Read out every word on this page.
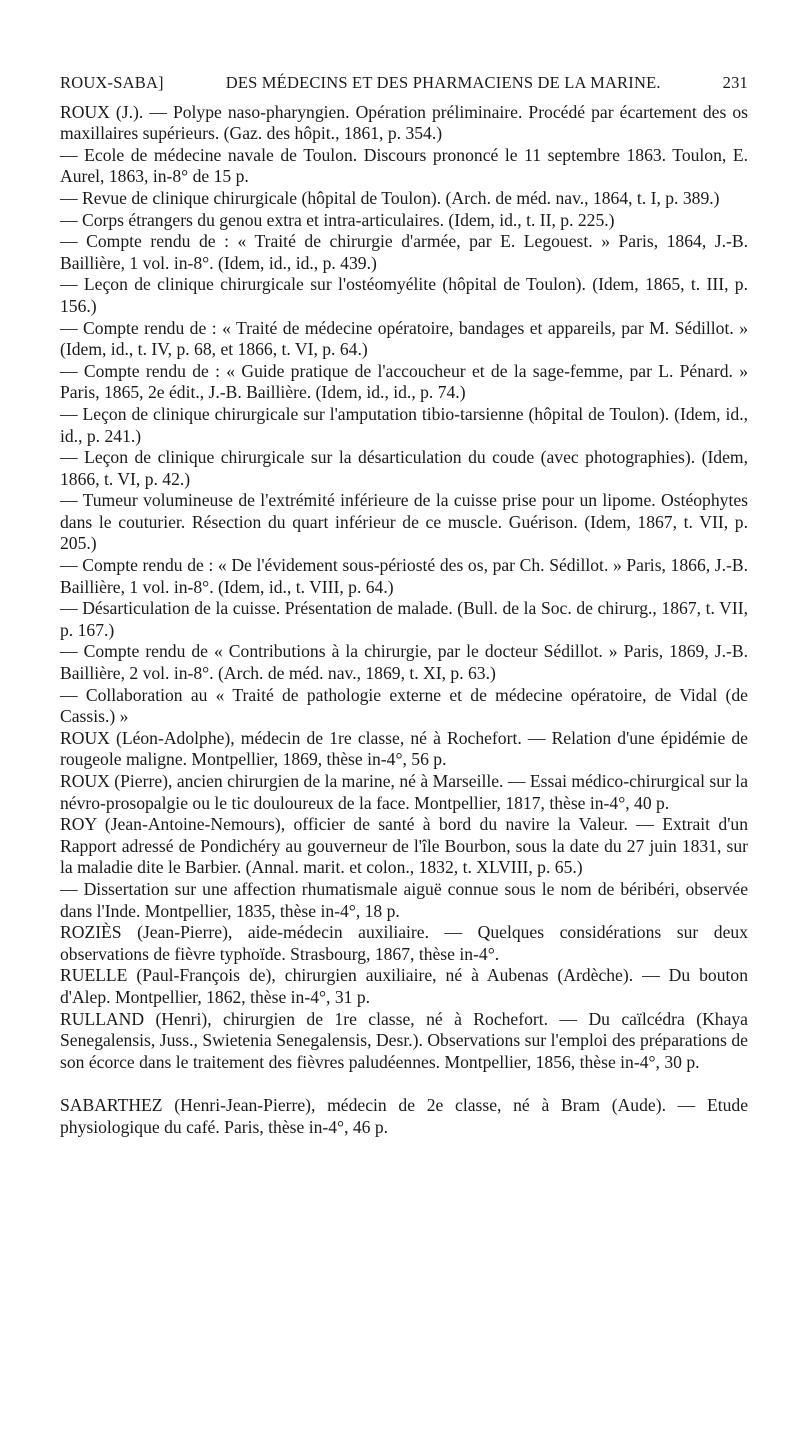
ROUX-SABA]	DES MÉDECINS ET DES PHARMACIENS DE LA MARINE.	231

ROUX (J.). — Polype naso-pharyngien. Opération préliminaire. Procédé par écartement des os maxillaires supérieurs. (Gaz. des hôpit., 1861, p. 354.)

— Ecole de médecine navale de Toulon. Discours prononcé le 11 septembre 1863. Toulon, E. Aurel, 1863, in-8° de 15 p.

— Revue de clinique chirurgicale (hôpital de Toulon). (Arch. de méd. nav., 1864, t. I, p. 389.)

— Corps étrangers du genou extra et intra-articulaires. (Idem, id., t. II, p. 225.)

— Compte rendu de : « Traité de chirurgie d'armée, par E. Legouest. » Paris, 1864, J.-B. Baillière, 1 vol. in-8°. (Idem, id., id., p. 439.)

— Leçon de clinique chirurgicale sur l'ostéomyélite (hôpital de Toulon). (Idem, 1865, t. III, p. 156.)

— Compte rendu de : « Traité de médecine opératoire, bandages et appareils, par M. Sédillot. » (Idem, id., t. IV, p. 68, et 1866, t. VI, p. 64.)

— Compte rendu de : « Guide pratique de l'accoucheur et de la sage-femme, par L. Pénard. » Paris, 1865, 2e édit., J.-B. Baillière. (Idem, id., id., p. 74.)

— Leçon de clinique chirurgicale sur l'amputation tibio-tarsienne (hôpital de Toulon). (Idem, id., id., p. 241.)

— Leçon de clinique chirurgicale sur la désarticulation du coude (avec photographies). (Idem, 1866, t. VI, p. 42.)

— Tumeur volumineuse de l'extrémité inférieure de la cuisse prise pour un lipome. Ostéophytes dans le couturier. Résection du quart inférieur de ce muscle. Guérison. (Idem, 1867, t. VII, p. 205.)

— Compte rendu de : « De l'évidement sous-périosté des os, par Ch. Sédillot. » Paris, 1866, J.-B. Baillière, 1 vol. in-8°. (Idem, id., t. VIII, p. 64.)

— Désarticulation de la cuisse. Présentation de malade. (Bull. de la Soc. de chirurg., 1867, t. VII, p. 167.)

— Compte rendu de « Contributions à la chirurgie, par le docteur Sédillot. » Paris, 1869, J.-B. Baillière, 2 vol. in-8°. (Arch. de méd. nav., 1869, t. XI, p. 63.)

— Collaboration au « Traité de pathologie externe et de médecine opératoire, de Vidal (de Cassis.) »

ROUX (Léon-Adolphe), médecin de 1re classe, né à Rochefort. — Relation d'une épidémie de rougeole maligne. Montpellier, 1869, thèse in-4°, 56 p.

ROUX (Pierre), ancien chirurgien de la marine, né à Marseille. — Essai médico-chirurgical sur la névro-prosopalgie ou le tic douloureux de la face. Montpellier, 1817, thèse in-4°, 40 p.

ROY (Jean-Antoine-Nemours), officier de santé à bord du navire la Valeur. — Extrait d'un Rapport adressé de Pondichéry au gouverneur de l'île Bourbon, sous la date du 27 juin 1831, sur la maladie dite le Barbier. (Annal. marit. et colon., 1832, t. XLVIII, p. 65.)

— Dissertation sur une affection rhumatismale aiguë connue sous le nom de béribéri, observée dans l'Inde. Montpellier, 1835, thèse in-4°, 18 p.

ROZIÈS (Jean-Pierre), aide-médecin auxiliaire. — Quelques considérations sur deux observations de fièvre typhoïde. Strasbourg, 1867, thèse in-4°.

RUELLE (Paul-François de), chirurgien auxiliaire, né à Aubenas (Ardèche). — Du bouton d'Alep. Montpellier, 1862, thèse in-4°, 31 p.

RULLAND (Henri), chirurgien de 1re classe, né à Rochefort. — Du caïlcédra (Khaya Senegalensis, Juss., Swietenia Senegalensis, Desr.). Observations sur l'emploi des préparations de son écorce dans le traitement des fièvres paludéennes. Montpellier, 1856, thèse in-4°, 30 p.

SABARTHEZ (Henri-Jean-Pierre), médecin de 2e classe, né à Bram (Aude). — Etude physiologique du café. Paris, thèse in-4°, 46 p.
